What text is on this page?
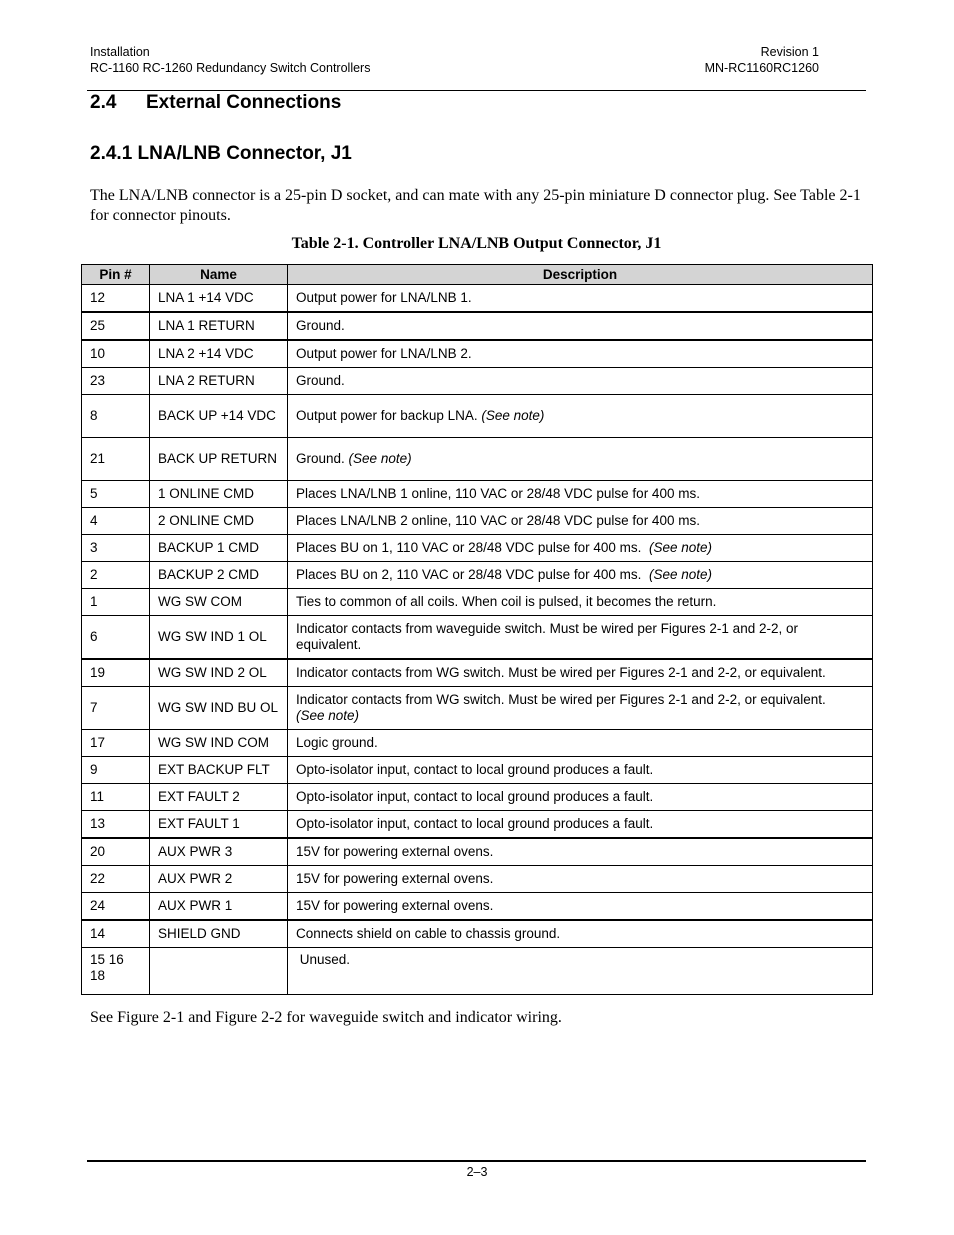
Installation
RC-1160 RC-1260 Redundancy Switch Controllers
Revision 1
MN-RC1160RC1260
2.4 External Connections
2.4.1 LNA/LNB Connector, J1

The LNA/LNB connector is a 25-pin D socket, and can mate with any 25-pin miniature D connector plug. See Table 2-1 for connector pinouts.

Table 2-1. Controller LNA/LNB Output Connector, J1
Pin #	Name	Description
12	LNA 1 +14 VDC	Output power for LNA/LNB 1.
25	LNA 1 RETURN	Ground.
10	LNA 2 +14 VDC	Output power for LNA/LNB 2.
23	LNA 2 RETURN	Ground.
8	BACK UP +14 VDC	Output power for backup LNA. (See note)
21	BACK UP RETURN	Ground. (See note)
5	1 ONLINE CMD	Places LNA/LNB 1 online, 110 VAC or 28/48 VDC pulse for 400 ms.
4	2 ONLINE CMD	Places LNA/LNB 2 online, 110 VAC or 28/48 VDC pulse for 400 ms.
3	BACKUP 1 CMD	Places BU on 1, 110 VAC or 28/48 VDC pulse for 400 ms. (See note)
2	BACKUP 2 CMD	Places BU on 2, 110 VAC or 28/48 VDC pulse for 400 ms. (See note)
1	WG SW COM	Ties to common of all coils. When coil is pulsed, it becomes the return.
6	WG SW IND 1 OL	Indicator contacts from waveguide switch. Must be wired per Figures 2-1 and 2-2, or equivalent.
19	WG SW IND 2 OL	Indicator contacts from WG switch. Must be wired per Figures 2-1 and 2-2, or equivalent.
7	WG SW IND BU OL	Indicator contacts from WG switch. Must be wired per Figures 2-1 and 2-2, or equivalent.
(See note)
17	WG SW IND COM	Logic ground.
9	EXT BACKUP FLT	Opto-isolator input, contact to local ground produces a fault.
11	EXT FAULT 2	Opto-isolator input, contact to local ground produces a fault.
13	EXT FAULT 1	Opto-isolator input, contact to local ground produces a fault.
20	AUX PWR 3	15V for powering external ovens.
22	AUX PWR 2	15V for powering external ovens.
24	AUX PWR 1	15V for powering external ovens.
14	SHIELD GND	Connects shield on cable to chassis ground.
15 16 18		Unused.

See Figure 2-1 and Figure 2-2 for waveguide switch and indicator wiring.

2–3
